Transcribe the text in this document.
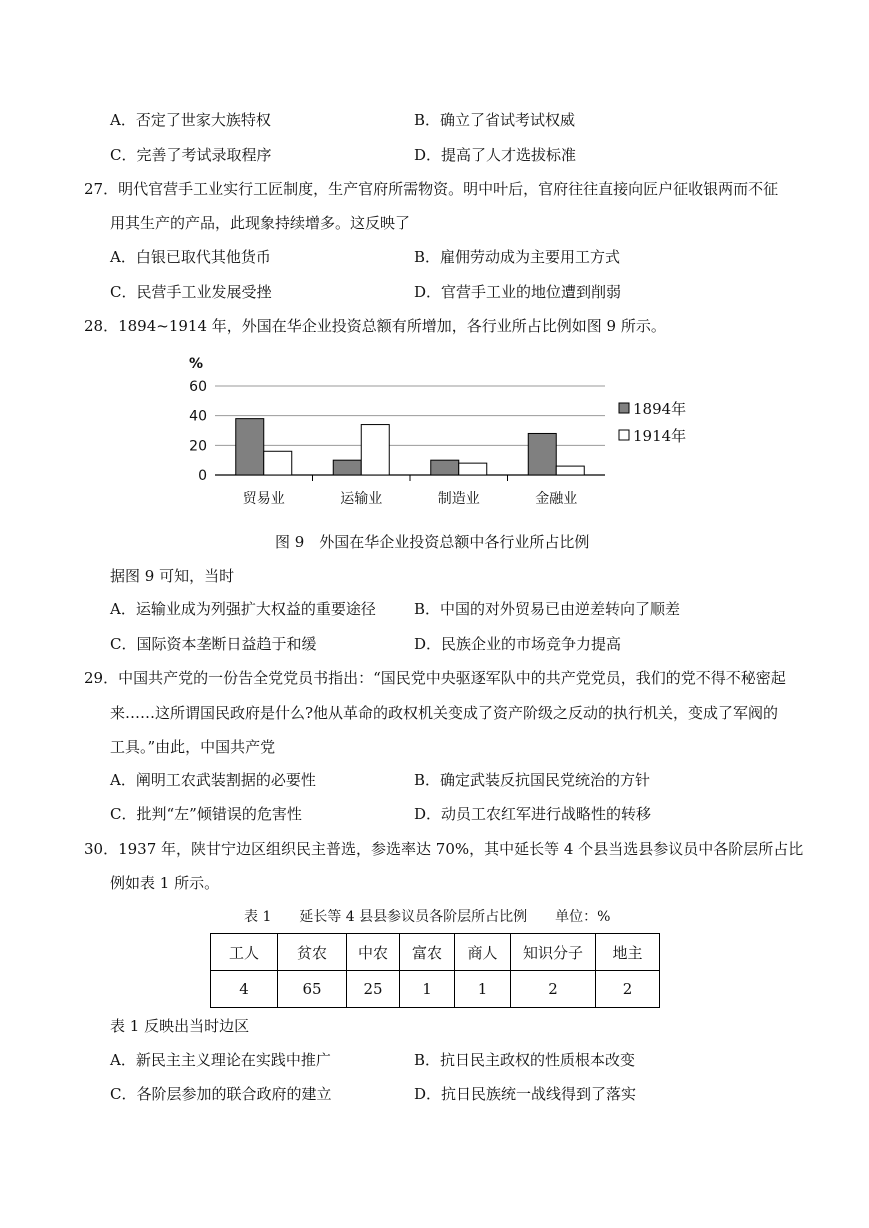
A．否定了世家大族特权	B．确立了省试考试权威
C．完善了考试录取程序	D．提高了人才选拔标准
27．明代官营手工业实行工匠制度，生产官府所需物资。明中叶后，官府往往直接向匠户征收银两而不征
用其生产的产品，此现象持续增多。这反映了
A．白银已取代其他货币	B．雇佣劳动成为主要用工方式
C．民营手工业发展受挫	D．官营手工业的地位遭到削弱
28．1894~1914 年，外国在华企业投资总额有所增加，各行业所占比例如图 9 所示。
%
60
40
20
0
贸易业	运输业	制造业	金融业
1894年
1914年
图 9　外国在华企业投资总额中各行业所占比例
据图 9 可知，当时
A．运输业成为列强扩大权益的重要途径	B．中国的对外贸易已由逆差转向了顺差
C．国际资本垄断日益趋于和缓	D．民族企业的市场竞争力提高
29．中国共产党的一份告全党党员书指出：“国民党中央驱逐军队中的共产党党员，我们的党不得不秘密起
来……这所谓国民政府是什么?他从革命的政权机关变成了资产阶级之反动的执行机关，变成了军阀的
工具。”由此，中国共产党
A．阐明工农武装割据的必要性	B．确定武装反抗国民党统治的方针
C．批判“左”倾错误的危害性	D．动员工农红军进行战略性的转移
30．1937 年，陕甘宁边区组织民主普选，参选率达 70%，其中延长等 4 个县当选县参议员中各阶层所占比
例如表 1 所示。
表 1　　延长等 4 县县参议员各阶层所占比例　　单位：%
工人	贫农	中农	富农	商人	知识分子	地主
4	65	25	1	1	2	2
表 1 反映出当时边区
A．新民主主义理论在实践中推广	B．抗日民主政权的性质根本改变
C．各阶层参加的联合政府的建立	D．抗日民族统一战线得到了落实
